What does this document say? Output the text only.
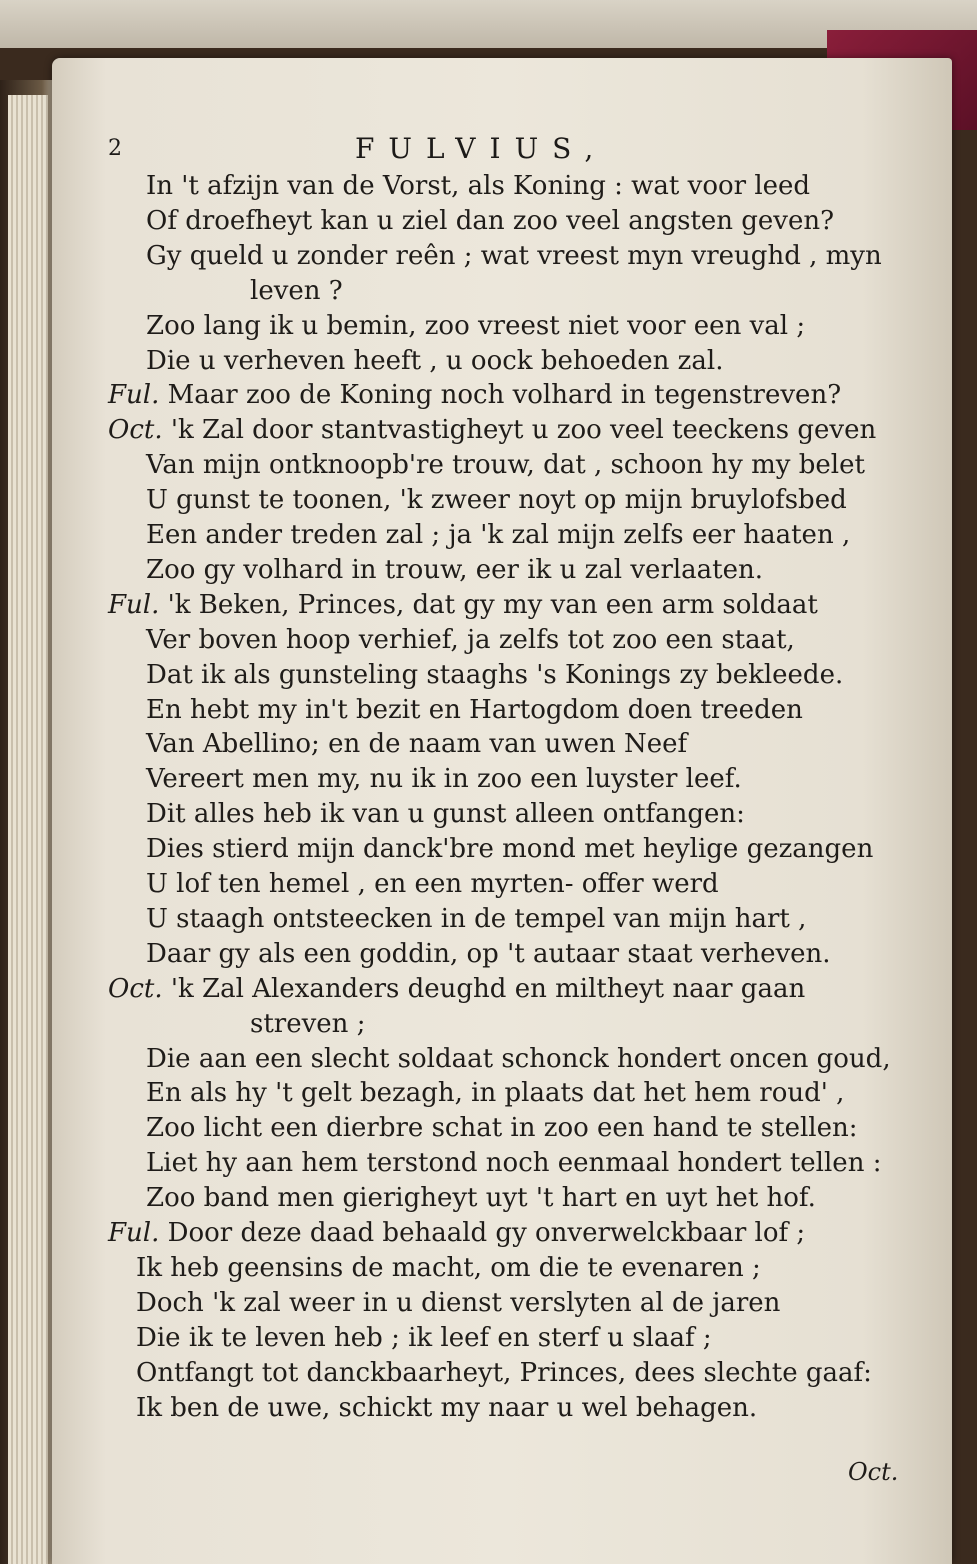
2	FULVIUS,
In 't afzijn van de Vorst, als Koning : wat voor leed
Of droefheyt kan u ziel dan zoo veel angsten geven?
Gy queld u zonder reên ; wat vreest myn vreughd , myn
leven ?
Zoo lang ik u bemin, zoo vreest niet voor een val ;
Die u verheven heeft , u oock behoeden zal.
Ful. Maar zoo de Koning noch volhard in tegenstreven?
Oct. 'k Zal door stantvastigheyt u zoo veel teeckens geven
Van mijn ontknoopb're trouw, dat , schoon hy my belet
U gunst te toonen, 'k zweer noyt op mijn bruylofsbed
Een ander treden zal ; ja 'k zal mijn zelfs eer haaten ,
Zoo gy volhard in trouw, eer ik u zal verlaaten.
Ful. 'k Beken, Princes, dat gy my van een arm soldaat
Ver boven hoop verhief, ja zelfs tot zoo een staat,
Dat ik als gunsteling staaghs 's Konings zy bekleede.
En hebt my in't bezit en Hartogdom doen treeden
Van Abellino; en de naam van uwen Neef
Vereert men my, nu ik in zoo een luyster leef.
Dit alles heb ik van u gunst alleen ontfangen:
Dies stierd mijn danck'bre mond met heylige gezangen
U lof ten hemel , en een myrten- offer werd
U staagh ontsteecken in de tempel van mijn hart ,
Daar gy als een goddin, op 't autaar staat verheven.
Oct. 'k Zal Alexanders deughd en miltheyt naar gaan
streven ;
Die aan een slecht soldaat schonck hondert oncen goud,
En als hy 't gelt bezagh, in plaats dat het hem roud' ,
Zoo licht een dierbre schat in zoo een hand te stellen:
Liet hy aan hem terstond noch eenmaal hondert tellen :
Zoo band men gierigheyt uyt 't hart en uyt het hof.
Ful. Door deze daad behaald gy onverwelckbaar lof ;
Ik heb geensins de macht, om die te evenaren ;
Doch 'k zal weer in u dienst verslyten al de jaren
Die ik te leven heb ; ik leef en sterf u slaaf ;
Ontfangt tot danckbaarheyt, Princes, dees slechte gaaf:
Ik ben de uwe, schickt my naar u wel behagen.
Oct.
